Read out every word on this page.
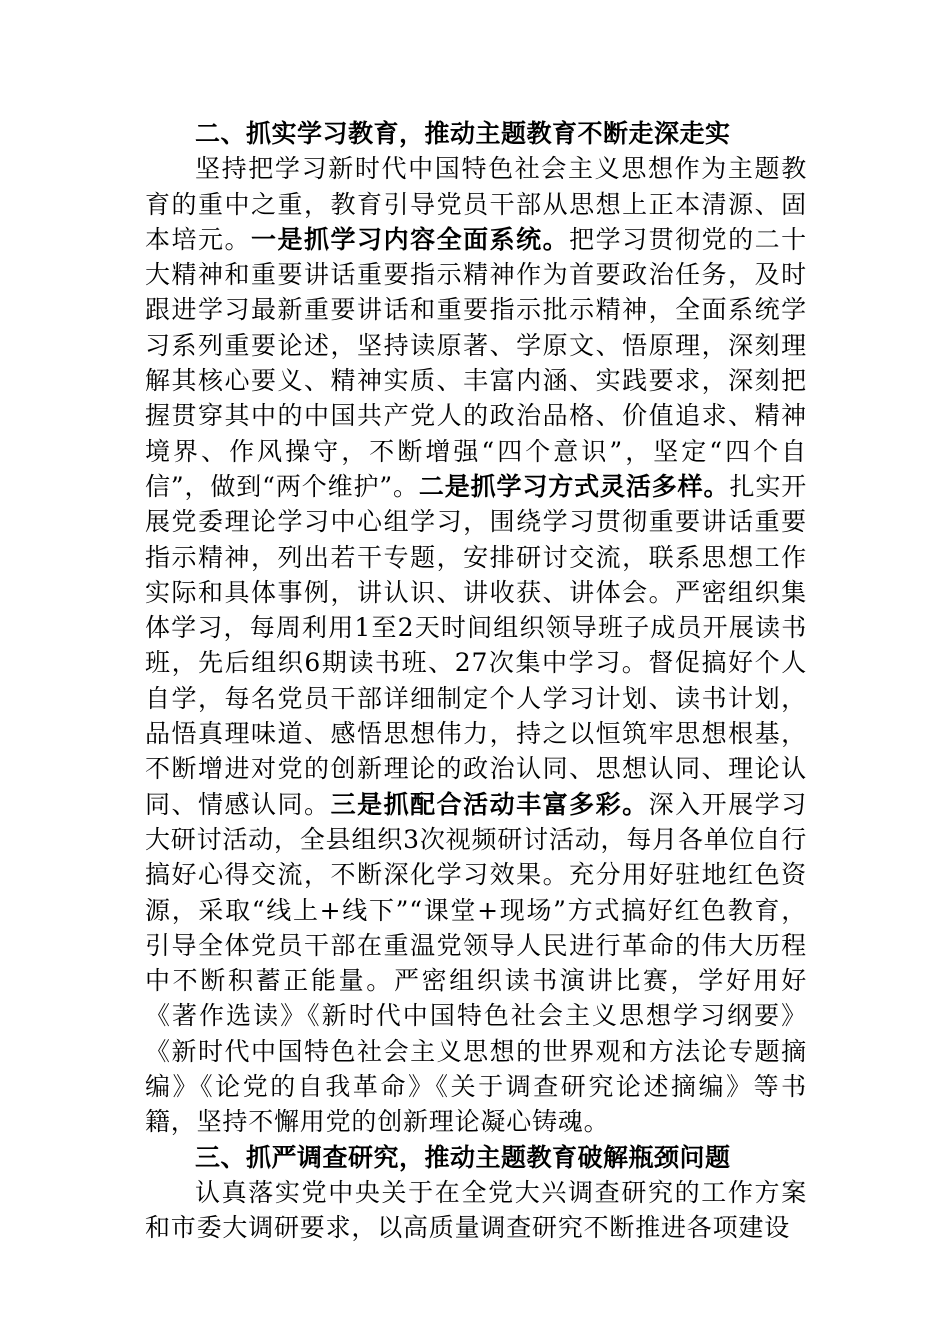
二、抓实学习教育，推动主题教育不断走深走实

坚持把学习新时代中国特色社会主义思想作为主题教育的重中之重，教育引导党员干部从思想上正本清源、固本培元。一是抓学习内容全面系统。把学习贯彻党的二十大精神和重要讲话重要指示精神作为首要政治任务，及时跟进学习最新重要讲话和重要指示批示精神，全面系统学习系列重要论述，坚持读原著、学原文、悟原理，深刻理解其核心要义、精神实质、丰富内涵、实践要求，深刻把握贯穿其中的中国共产党人的政治品格、价值追求、精神境界、作风操守，不断增强“四个意识”，坚定“四个自信”，做到“两个维护”。二是抓学习方式灵活多样。扎实开展党委理论学习中心组学习，围绕学习贯彻重要讲话重要指示精神，列出若干专题，安排研讨交流，联系思想工作实际和具体事例，讲认识、讲收获、讲体会。严密组织集体学习，每周利用1至2天时间组织领导班子成员开展读书班，先后组织6期读书班、27次集中学习。督促搞好个人自学，每名党员干部详细制定个人学习计划、读书计划，品悟真理味道、感悟思想伟力，持之以恒筑牢思想根基，不断增进对党的创新理论的政治认同、思想认同、理论认同、情感认同。三是抓配合活动丰富多彩。深入开展学习大研讨活动，全县组织3次视频研讨活动，每月各单位自行搞好心得交流，不断深化学习效果。充分用好驻地红色资源，采取“线上+线下”“课堂+现场”方式搞好红色教育，引导全体党员干部在重温党领导人民进行革命的伟大历程中不断积蓄正能量。严密组织读书演讲比赛，学好用好《著作选读》《新时代中国特色社会主义思想学习纲要》《新时代中国特色社会主义思想的世界观和方法论专题摘编》《论党的自我革命》《关于调查研究论述摘编》等书籍，坚持不懈用党的创新理论凝心铸魂。

三、抓严调查研究，推动主题教育破解瓶颈问题

认真落实党中央关于在全党大兴调查研究的工作方案和市委大调研要求，以高质量调查研究不断推进各项建设
